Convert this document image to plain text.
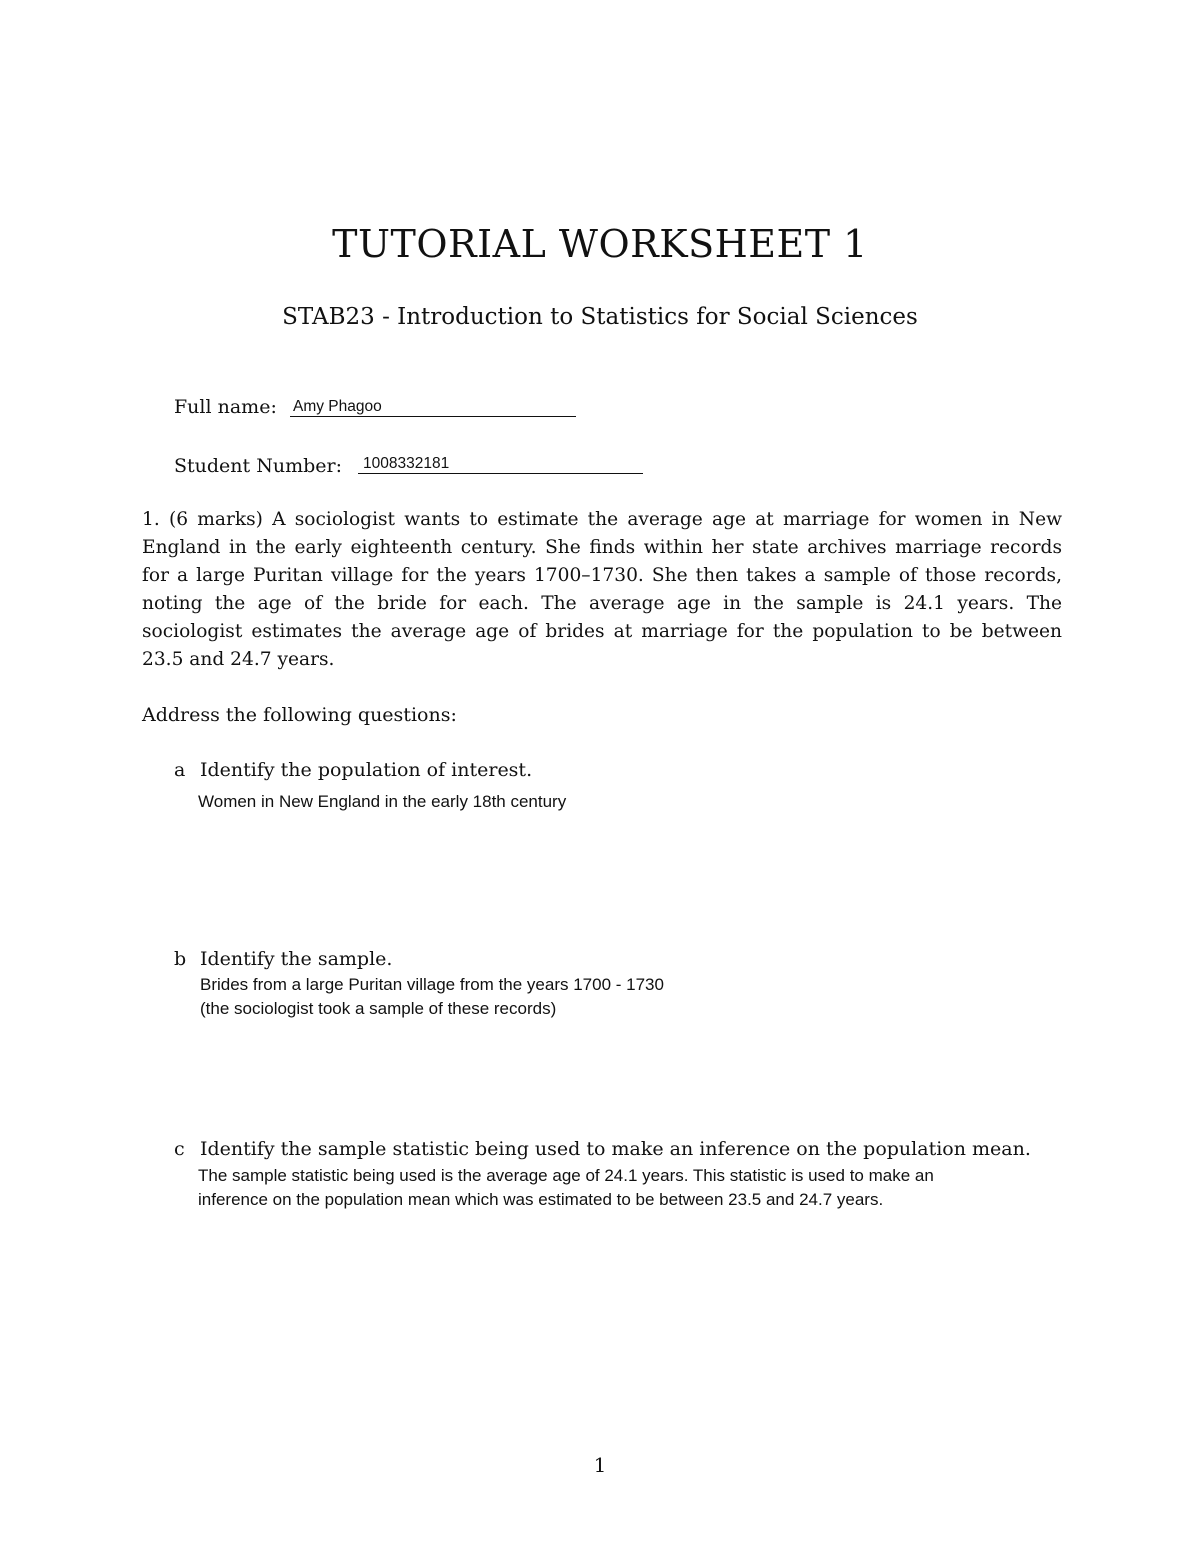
TUTORIAL WORKSHEET 1
STAB23 - Introduction to Statistics for Social Sciences
Full name: Amy Phagoo
Student Number: 1008332181
1. (6 marks) A sociologist wants to estimate the average age at marriage for women in New
England in the early eighteenth century. She finds within her state archives marriage records
for a large Puritan village for the years 1700–1730. She then takes a sample of those records,
noting the age of the bride for each. The average age in the sample is 24.1 years. The
sociologist estimates the average age of brides at marriage for the population to be between
23.5 and 24.7 years.
Address the following questions:
a Identify the population of interest.
Women in New England in the early 18th century
b Identify the sample.
Brides from a large Puritan village from the years 1700 - 1730
(the sociologist took a sample of these records)
c Identify the sample statistic being used to make an inference on the population mean.
The sample statistic being used is the average age of 24.1 years. This statistic is used to make an
inference on the population mean which was estimated to be between 23.5 and 24.7 years.
1
